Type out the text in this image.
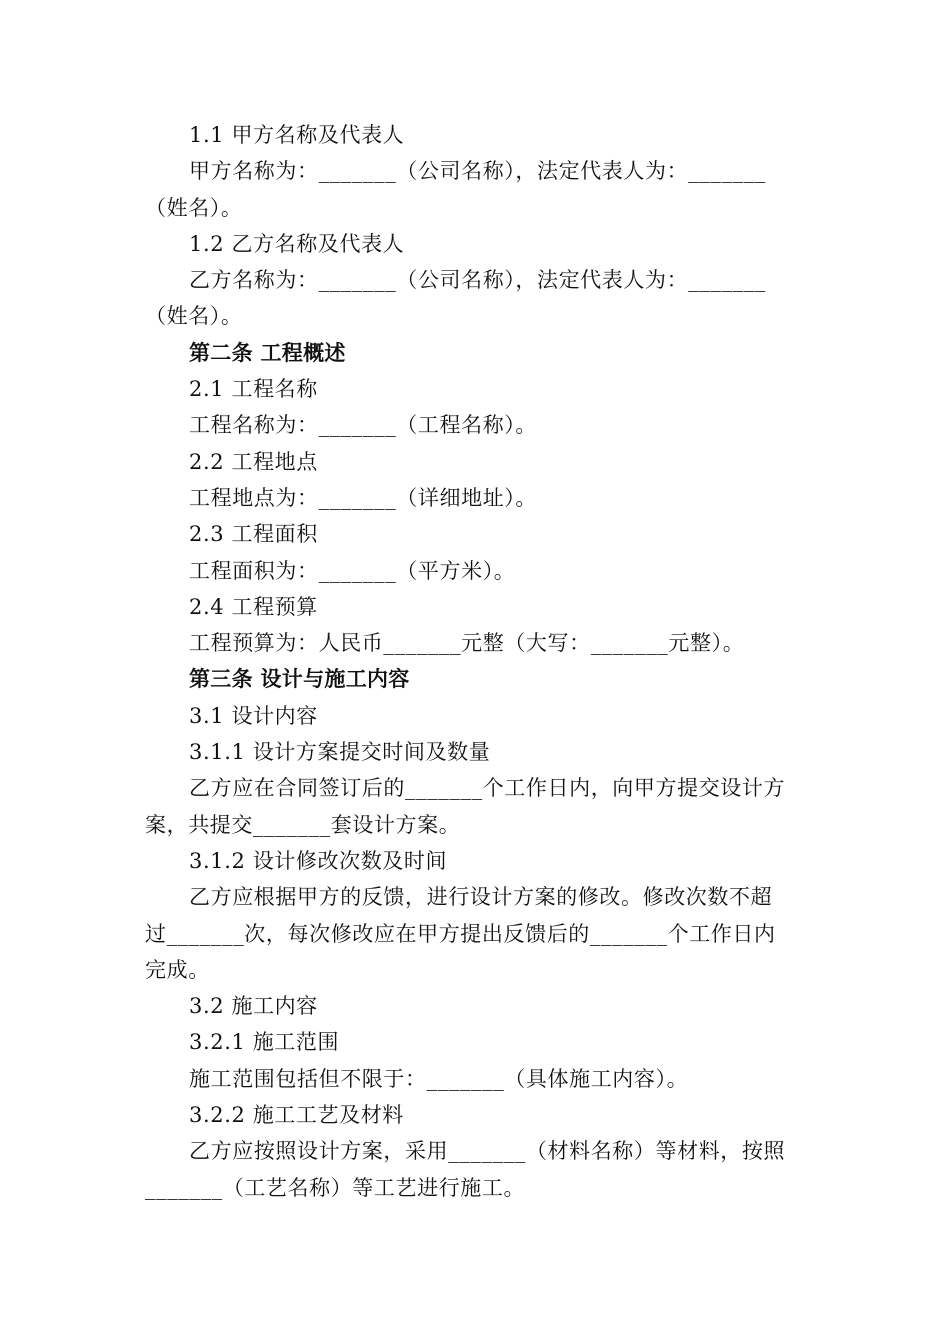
1.1 甲方名称及代表人
甲方名称为：_______（公司名称），法定代表人为：_______
（姓名）。
1.2 乙方名称及代表人
乙方名称为：_______（公司名称），法定代表人为：_______
（姓名）。
第二条 工程概述
2.1 工程名称
工程名称为：_______（工程名称）。
2.2 工程地点
工程地点为：_______（详细地址）。
2.3 工程面积
工程面积为：_______（平方米）。
2.4 工程预算
工程预算为：人民币_______元整（大写：_______元整）。
第三条 设计与施工内容
3.1 设计内容
3.1.1 设计方案提交时间及数量
乙方应在合同签订后的_______个工作日内，向甲方提交设计方
案，共提交_______套设计方案。
3.1.2 设计修改次数及时间
乙方应根据甲方的反馈，进行设计方案的修改。修改次数不超
过_______次，每次修改应在甲方提出反馈后的_______个工作日内
完成。
3.2 施工内容
3.2.1 施工范围
施工范围包括但不限于：_______（具体施工内容）。
3.2.2 施工工艺及材料
乙方应按照设计方案，采用_______（材料名称）等材料，按照
_______（工艺名称）等工艺进行施工。
